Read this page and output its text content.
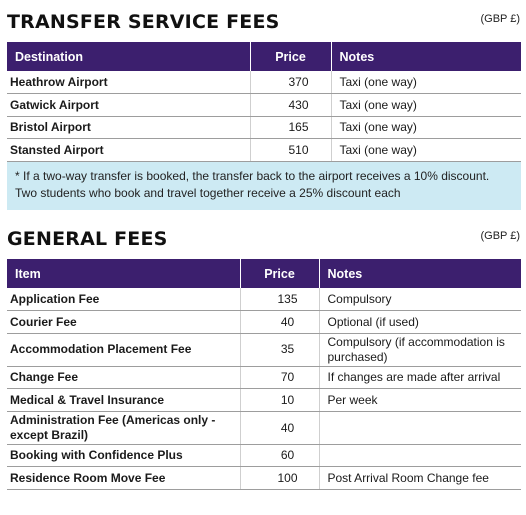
TRANSFER SERVICE FEES	(GBP £)
Destination	Price	Notes
Heathrow Airport	370	Taxi (one way)
Gatwick Airport	430	Taxi (one way)
Bristol Airport	165	Taxi (one way)
Stansted Airport	510	Taxi (one way)
* If a two-way transfer is booked, the transfer back to the airport receives a 10% discount. Two students who book and travel together receive a 25% discount each
GENERAL FEES	(GBP £)
Item	Price	Notes
Application Fee	135	Compulsory
Courier Fee	40	Optional (if used)
Accommodation Placement Fee	35	Compulsory (if accommodation is purchased)
Change Fee	70	If changes are made after arrival
Medical & Travel Insurance	10	Per week
Administration Fee (Americas only - except Brazil)	40	
Booking with Confidence Plus	60	
Residence Room Move Fee	100	Post Arrival Room Change fee
